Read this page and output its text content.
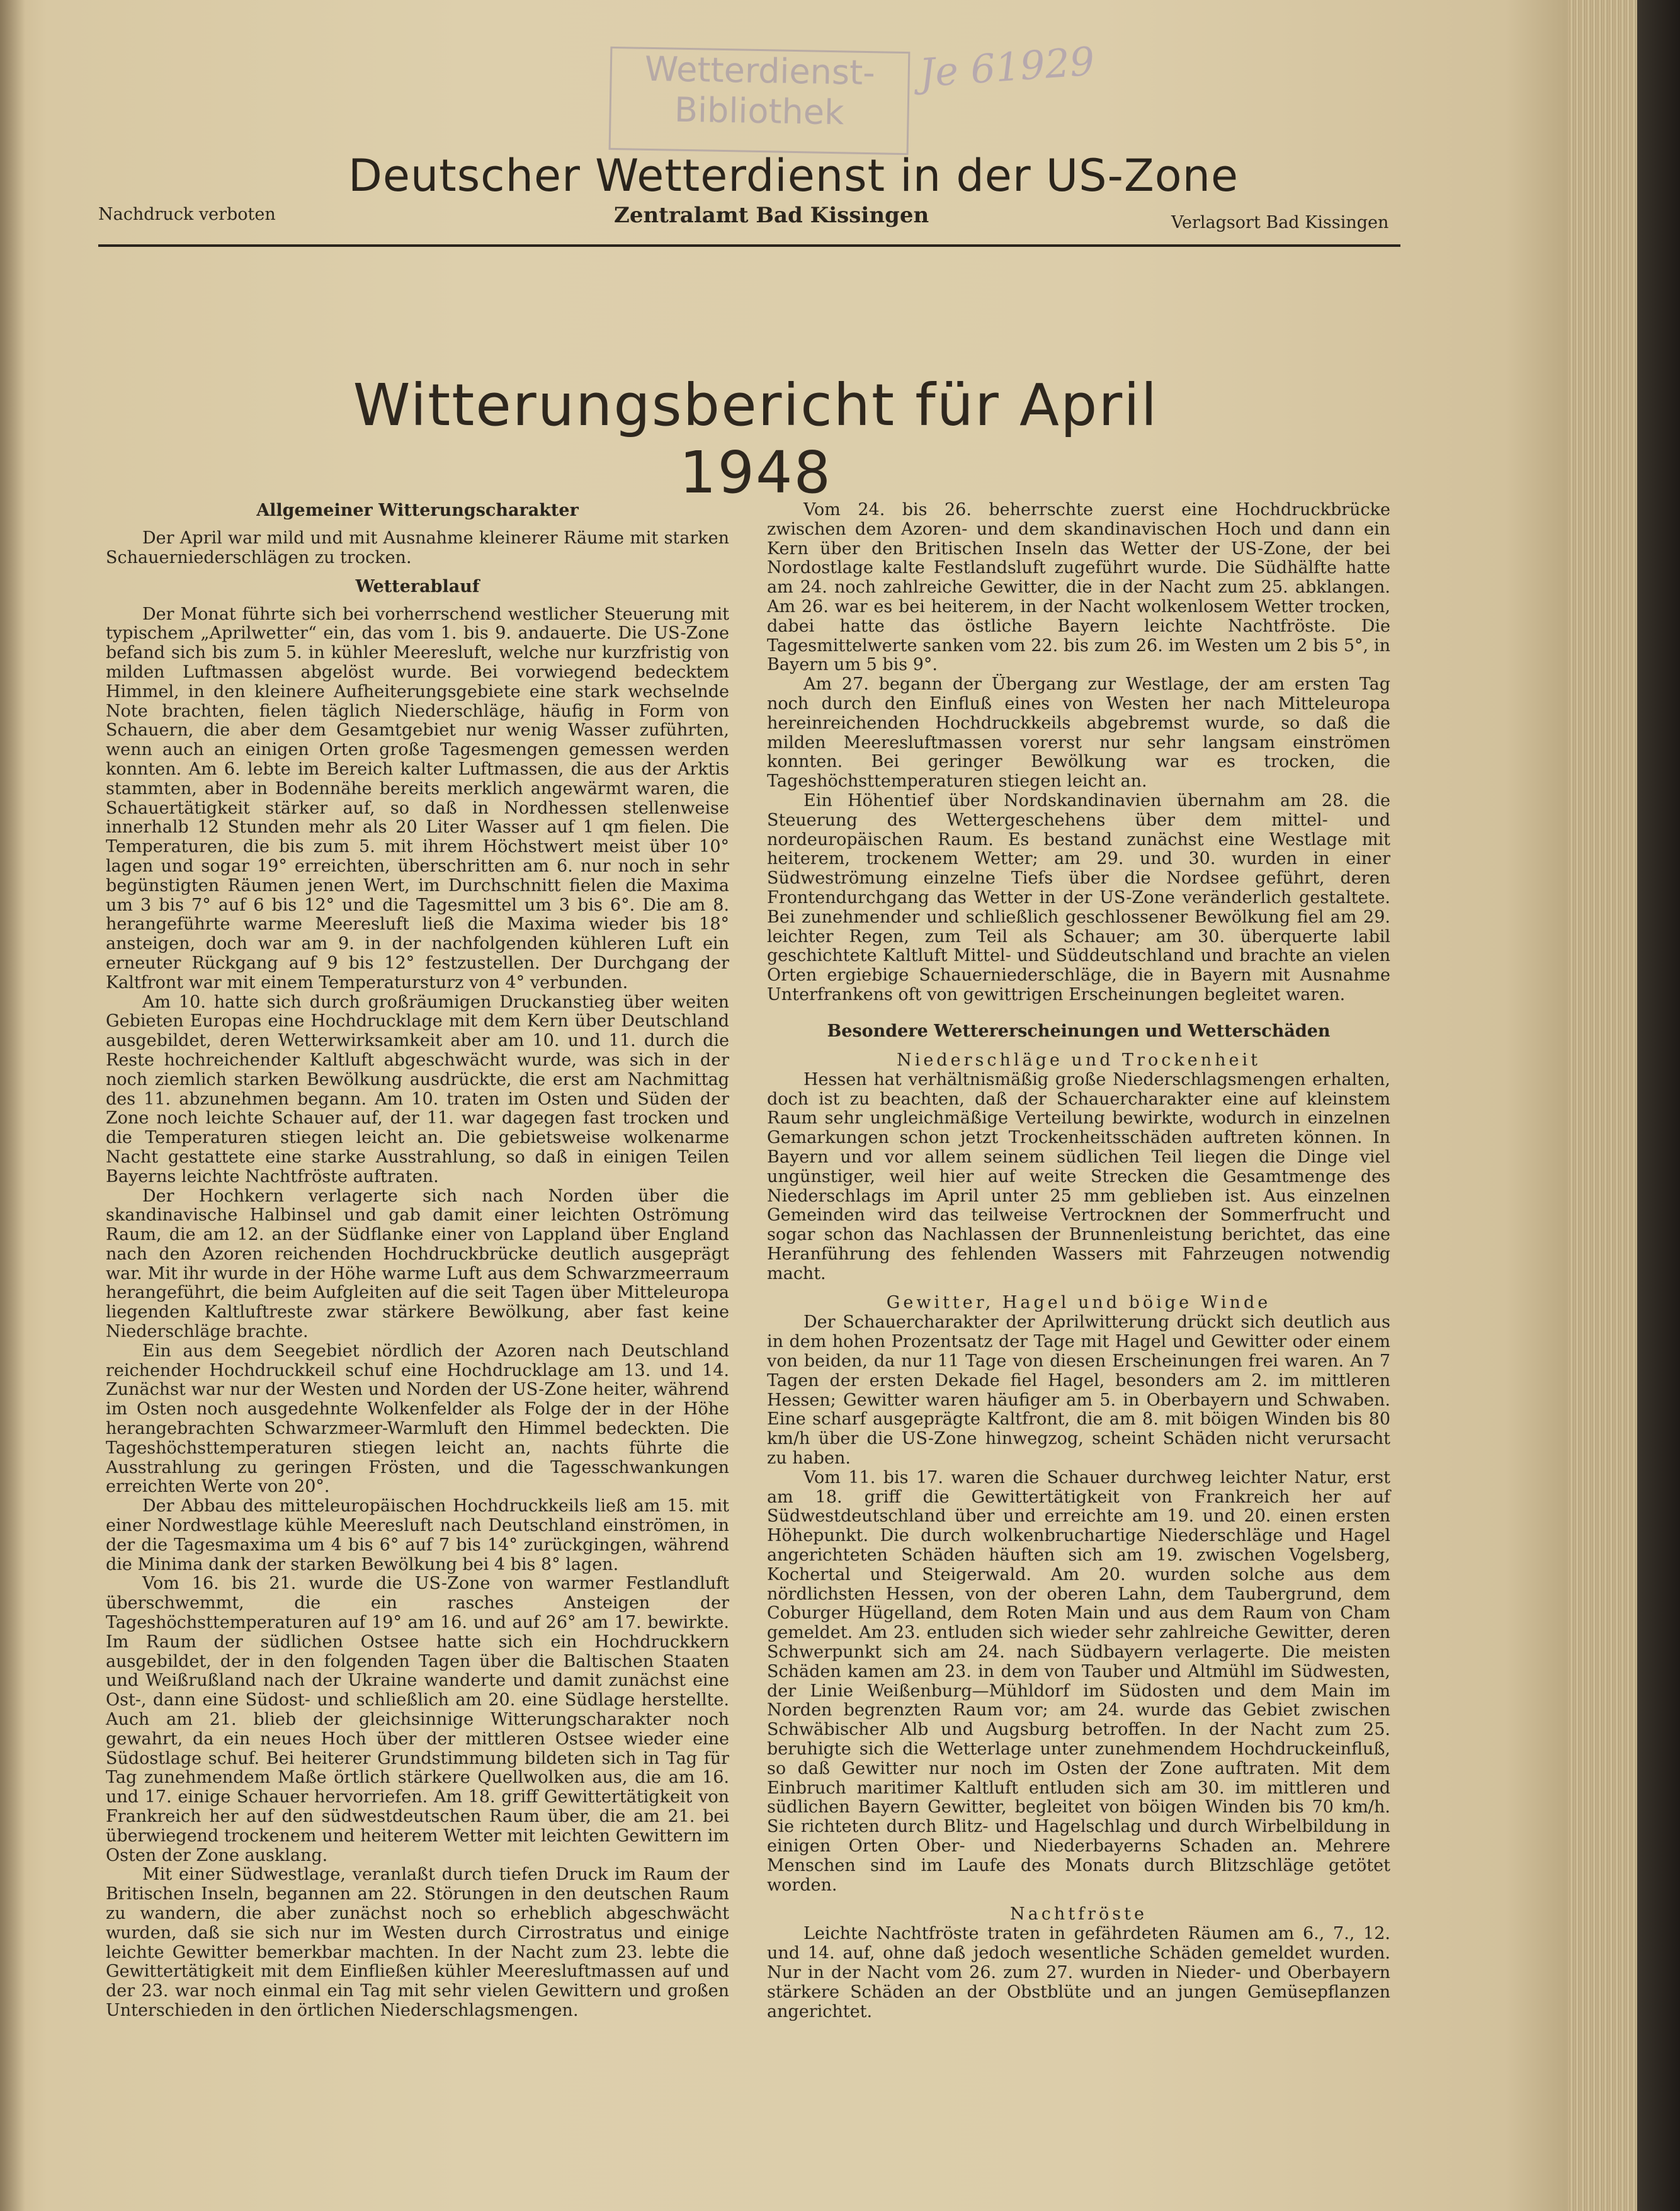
Wetterdienst-
Bibliothek
Je 61929
Deutscher Wetterdienst in der US-Zone
Nachdruck verboten	Zentralamt Bad Kissingen	Verlagsort Bad Kissingen
Witterungsbericht für April 1948
Allgemeiner Witterungscharakter

Der April war mild und mit Ausnahme kleinerer Räume mit starken Schauerniederschlägen zu trocken.

Wetterablauf

Der Monat führte sich bei vorherrschend westlicher Steuerung mit typischem „Aprilwetter“ ein, das vom 1. bis 9. andauerte. Die US-Zone befand sich bis zum 5. in kühler Meeresluft, welche nur kurzfristig von milden Luftmassen abgelöst wurde. Bei vorwiegend bedecktem Himmel, in den kleinere Aufheiterungsgebiete eine stark wechselnde Note brachten, fielen täglich Niederschläge, häufig in Form von Schauern, die aber dem Gesamtgebiet nur wenig Wasser zuführten, wenn auch an einigen Orten große Tagesmengen gemessen werden konnten. Am 6. lebte im Bereich kalter Luftmassen, die aus der Arktis stammten, aber in Bodennähe bereits merklich angewärmt waren, die Schauertätigkeit stärker auf, so daß in Nordhessen stellenweise innerhalb 12 Stunden mehr als 20 Liter Wasser auf 1 qm fielen. Die Temperaturen, die bis zum 5. mit ihrem Höchstwert meist über 10° lagen und sogar 19° erreichten, überschritten am 6. nur noch in sehr begünstigten Räumen jenen Wert, im Durchschnitt fielen die Maxima um 3 bis 7° auf 6 bis 12° und die Tagesmittel um 3 bis 6°. Die am 8. herangeführte warme Meeresluft ließ die Maxima wieder bis 18° ansteigen, doch war am 9. in der nachfolgenden kühleren Luft ein erneuter Rückgang auf 9 bis 12° festzustellen. Der Durchgang der Kaltfront war mit einem Temperatursturz von 4° verbunden.

Am 10. hatte sich durch großräumigen Druckanstieg über weiten Gebieten Europas eine Hochdrucklage mit dem Kern über Deutschland ausgebildet, deren Wetterwirksamkeit aber am 10. und 11. durch die Reste hochreichender Kaltluft abgeschwächt wurde, was sich in der noch ziemlich starken Bewölkung ausdrückte, die erst am Nachmittag des 11. abzunehmen begann. Am 10. traten im Osten und Süden der Zone noch leichte Schauer auf, der 11. war dagegen fast trocken und die Temperaturen stiegen leicht an. Die gebietsweise wolkenarme Nacht gestattete eine starke Ausstrahlung, so daß in einigen Teilen Bayerns leichte Nachtfröste auftraten.

Der Hochkern verlagerte sich nach Norden über die skandinavische Halbinsel und gab damit einer leichten Oströmung Raum, die am 12. an der Südflanke einer von Lappland über England nach den Azoren reichenden Hochdruckbrücke deutlich ausgeprägt war. Mit ihr wurde in der Höhe warme Luft aus dem Schwarzmeerraum herangeführt, die beim Aufgleiten auf die seit Tagen über Mitteleuropa liegenden Kaltluftreste zwar stärkere Bewölkung, aber fast keine Niederschläge brachte.

Ein aus dem Seegebiet nördlich der Azoren nach Deutschland reichender Hochdruckkeil schuf eine Hochdrucklage am 13. und 14. Zunächst war nur der Westen und Norden der US-Zone heiter, während im Osten noch ausgedehnte Wolkenfelder als Folge der in der Höhe herangebrachten Schwarzmeer-Warmluft den Himmel bedeckten. Die Tageshöchsttemperaturen stiegen leicht an, nachts führte die Ausstrahlung zu geringen Frösten, und die Tagesschwankungen erreichten Werte von 20°.

Der Abbau des mitteleuropäischen Hochdruckkeils ließ am 15. mit einer Nordwestlage kühle Meeresluft nach Deutschland einströmen, in der die Tagesmaxima um 4 bis 6° auf 7 bis 14° zurückgingen, während die Minima dank der starken Bewölkung bei 4 bis 8° lagen.

Vom 16. bis 21. wurde die US-Zone von warmer Festlandluft überschwemmt, die ein rasches Ansteigen der Tageshöchsttemperaturen auf 19° am 16. und auf 26° am 17. bewirkte. Im Raum der südlichen Ostsee hatte sich ein Hochdruckkern ausgebildet, der in den folgenden Tagen über die Baltischen Staaten und Weißrußland nach der Ukraine wanderte und damit zunächst eine Ost-, dann eine Südost- und schließlich am 20. eine Südlage herstellte. Auch am 21. blieb der gleichsinnige Witterungscharakter noch gewahrt, da ein neues Hoch über der mittleren Ostsee wieder eine Südostlage schuf. Bei heiterer Grundstimmung bildeten sich in Tag für Tag zunehmendem Maße örtlich stärkere Quellwolken aus, die am 16. und 17. einige Schauer hervorriefen. Am 18. griff Gewittertätigkeit von Frankreich her auf den südwestdeutschen Raum über, die am 21. bei überwiegend trockenem und heiterem Wetter mit leichten Gewittern im Osten der Zone ausklang.

Mit einer Südwestlage, veranlaßt durch tiefen Druck im Raum der Britischen Inseln, begannen am 22. Störungen in den deutschen Raum zu wandern, die aber zunächst noch so erheblich abgeschwächt wurden, daß sie sich nur im Westen durch Cirrostratus und einige leichte Gewitter bemerkbar machten. In der Nacht zum 23. lebte die Gewittertätigkeit mit dem Einfließen kühler Meeresluftmassen auf und der 23. war noch einmal ein Tag mit sehr vielen Gewittern und großen Unterschieden in den örtlichen Niederschlagsmengen.

Vom 24. bis 26. beherrschte zuerst eine Hochdruckbrücke zwischen dem Azoren- und dem skandinavischen Hoch und dann ein Kern über den Britischen Inseln das Wetter der US-Zone, der bei Nordostlage kalte Festlandsluft zugeführt wurde. Die Südhälfte hatte am 24. noch zahlreiche Gewitter, die in der Nacht zum 25. abklangen. Am 26. war es bei heiterem, in der Nacht wolkenlosem Wetter trocken, dabei hatte das östliche Bayern leichte Nachtfröste. Die Tagesmittelwerte sanken vom 22. bis zum 26. im Westen um 2 bis 5°, in Bayern um 5 bis 9°.

Am 27. begann der Übergang zur Westlage, der am ersten Tag noch durch den Einfluß eines von Westen her nach Mitteleuropa hereinreichenden Hochdruckkeils abgebremst wurde, so daß die milden Meeresluftmassen vorerst nur sehr langsam einströmen konnten. Bei geringer Bewölkung war es trocken, die Tageshöchsttemperaturen stiegen leicht an.

Ein Höhentief über Nordskandinavien übernahm am 28. die Steuerung des Wettergeschehens über dem mittel- und nordeuropäischen Raum. Es bestand zunächst eine Westlage mit heiterem, trockenem Wetter; am 29. und 30. wurden in einer Südweströmung einzelne Tiefs über die Nordsee geführt, deren Frontendurchgang das Wetter in der US-Zone veränderlich gestaltete. Bei zunehmender und schließlich geschlossener Bewölkung fiel am 29. leichter Regen, zum Teil als Schauer; am 30. überquerte labil geschichtete Kaltluft Mittel- und Süddeutschland und brachte an vielen Orten ergiebige Schauerniederschläge, die in Bayern mit Ausnahme Unterfrankens oft von gewittrigen Erscheinungen begleitet waren.

Besondere Wettererscheinungen und Wetterschäden
Niederschläge und Trockenheit

Hessen hat verhältnismäßig große Niederschlagsmengen erhalten, doch ist zu beachten, daß der Schauercharakter eine auf kleinstem Raum sehr ungleichmäßige Verteilung bewirkte, wodurch in einzelnen Gemarkungen schon jetzt Trockenheitsschäden auftreten können. In Bayern und vor allem seinem südlichen Teil liegen die Dinge viel ungünstiger, weil hier auf weite Strecken die Gesamtmenge des Niederschlags im April unter 25 mm geblieben ist. Aus einzelnen Gemeinden wird das teilweise Vertrocknen der Sommerfrucht und sogar schon das Nachlassen der Brunnenleistung berichtet, das eine Heranführung des fehlenden Wassers mit Fahrzeugen notwendig macht.

Gewitter, Hagel und böige Winde

Der Schauercharakter der Aprilwitterung drückt sich deutlich aus in dem hohen Prozentsatz der Tage mit Hagel und Gewitter oder einem von beiden, da nur 11 Tage von diesen Erscheinungen frei waren. An 7 Tagen der ersten Dekade fiel Hagel, besonders am 2. im mittleren Hessen; Gewitter waren häufiger am 5. in Oberbayern und Schwaben. Eine scharf ausgeprägte Kaltfront, die am 8. mit böigen Winden bis 80 km/h über die US-Zone hinwegzog, scheint Schäden nicht verursacht zu haben.

Vom 11. bis 17. waren die Schauer durchweg leichter Natur, erst am 18. griff die Gewittertätigkeit von Frankreich her auf Südwestdeutschland über und erreichte am 19. und 20. einen ersten Höhepunkt. Die durch wolkenbruchartige Niederschläge und Hagel angerichteten Schäden häuften sich am 19. zwischen Vogelsberg, Kochertal und Steigerwald. Am 20. wurden solche aus dem nördlichsten Hessen, von der oberen Lahn, dem Taubergrund, dem Coburger Hügelland, dem Roten Main und aus dem Raum von Cham gemeldet. Am 23. entluden sich wieder sehr zahlreiche Gewitter, deren Schwerpunkt sich am 24. nach Südbayern verlagerte. Die meisten Schäden kamen am 23. in dem von Tauber und Altmühl im Südwesten, der Linie Weißenburg—Mühldorf im Südosten und dem Main im Norden begrenzten Raum vor; am 24. wurde das Gebiet zwischen Schwäbischer Alb und Augsburg betroffen. In der Nacht zum 25. beruhigte sich die Wetterlage unter zunehmendem Hochdruckeinfluß, so daß Gewitter nur noch im Osten der Zone auftraten. Mit dem Einbruch maritimer Kaltluft entluden sich am 30. im mittleren und südlichen Bayern Gewitter, begleitet von böigen Winden bis 70 km/h. Sie richteten durch Blitz- und Hagelschlag und durch Wirbelbildung in einigen Orten Ober- und Niederbayerns Schaden an. Mehrere Menschen sind im Laufe des Monats durch Blitzschläge getötet worden.

Nachtfröste

Leichte Nachtfröste traten in gefährdeten Räumen am 6., 7., 12. und 14. auf, ohne daß jedoch wesentliche Schäden gemeldet wurden. Nur in der Nacht vom 26. zum 27. wurden in Nieder- und Oberbayern stärkere Schäden an der Obstblüte und an jungen Gemüsepflanzen angerichtet.
